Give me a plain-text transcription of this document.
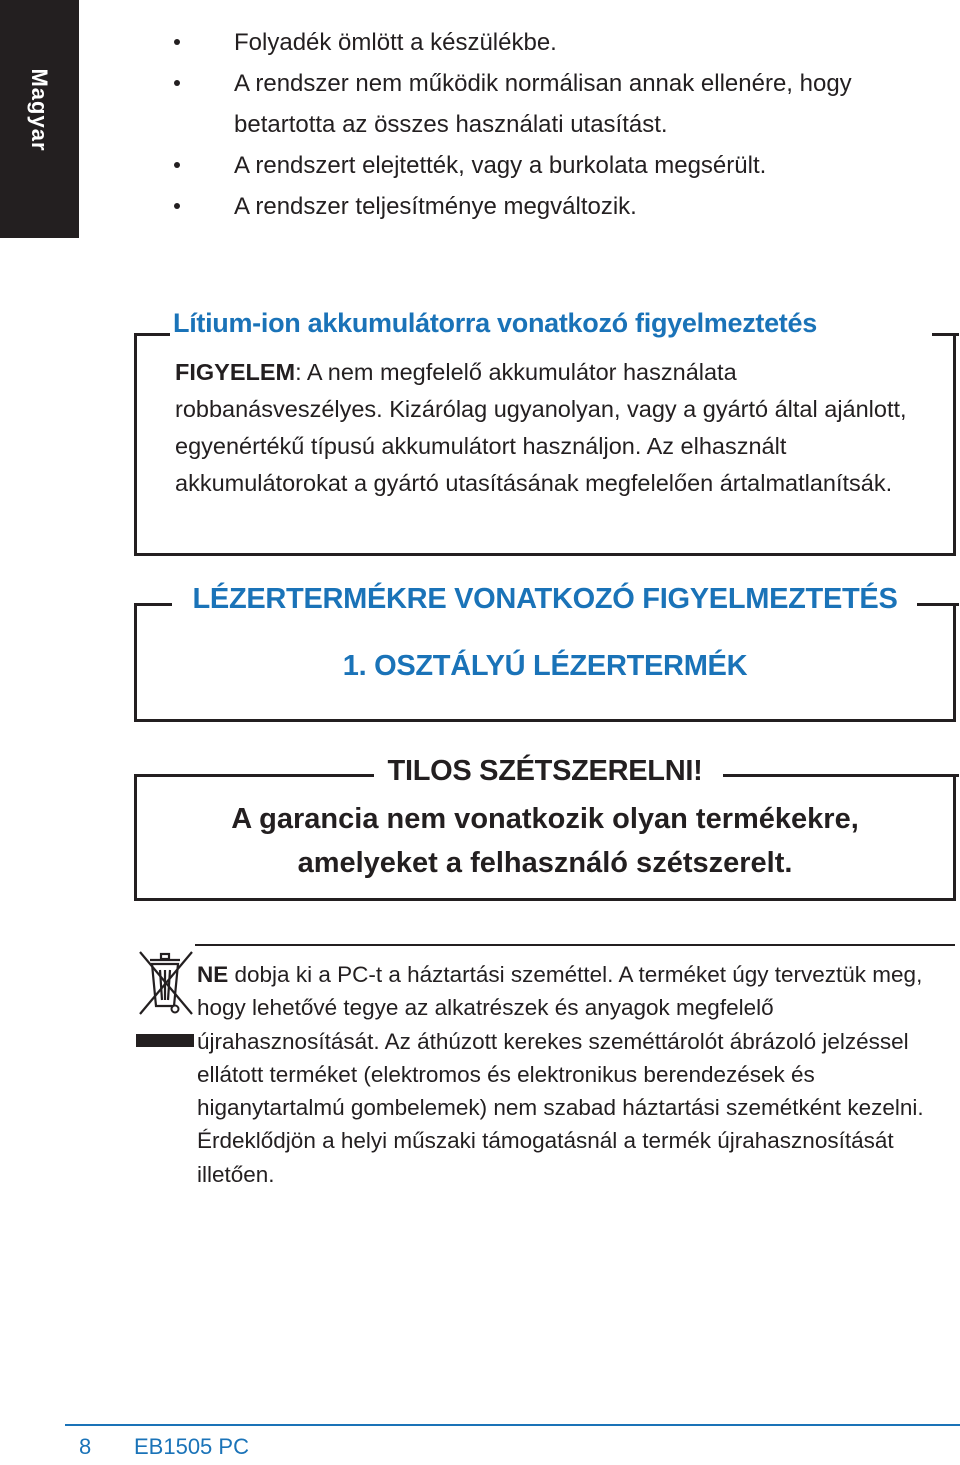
Magyar
Folyadék ömlött a készülékbe.
A rendszer nem működik normálisan annak ellenére, hogy betartotta az összes használati utasítást.
A rendszert elejtették, vagy a burkolata megsérült.
A rendszer teljesítménye megváltozik.
Lítium-ion akkumulátorra vonatkozó figyelmeztetés
FIGYELEM: A nem megfelelő akkumulátor használata robbanásveszélyes. Kizárólag ugyanolyan, vagy a gyártó által ajánlott, egyenértékű típusú akkumulátort használjon. Az elhasznált akkumulátorokat a gyártó utasításának megfelelően ártalmatlanítsák.
LÉZERTERMÉKRE VONATKOZÓ FIGYELMEZTETÉS
1. OSZTÁLYÚ LÉZERTERMÉK
TILOS SZÉTSZERELNI!
A garancia nem vonatkozik olyan termékekre,
amelyeket a felhasználó szétszerelt.
NE dobja ki a PC-t a háztartási szeméttel. A terméket úgy terveztük meg, hogy lehetővé tegye az alkatrészek és anyagok megfelelő újrahasznosítását. Az áthúzott kerekes szeméttárolót ábrázoló jelzéssel ellátott terméket (elektromos és elektronikus berendezések és higanytartalmú gombelemek) nem szabad háztartási szemétként kezelni. Érdeklődjön a helyi műszaki támogatásnál a termék újrahasznosítását illetően.
8 EB1505 PC
